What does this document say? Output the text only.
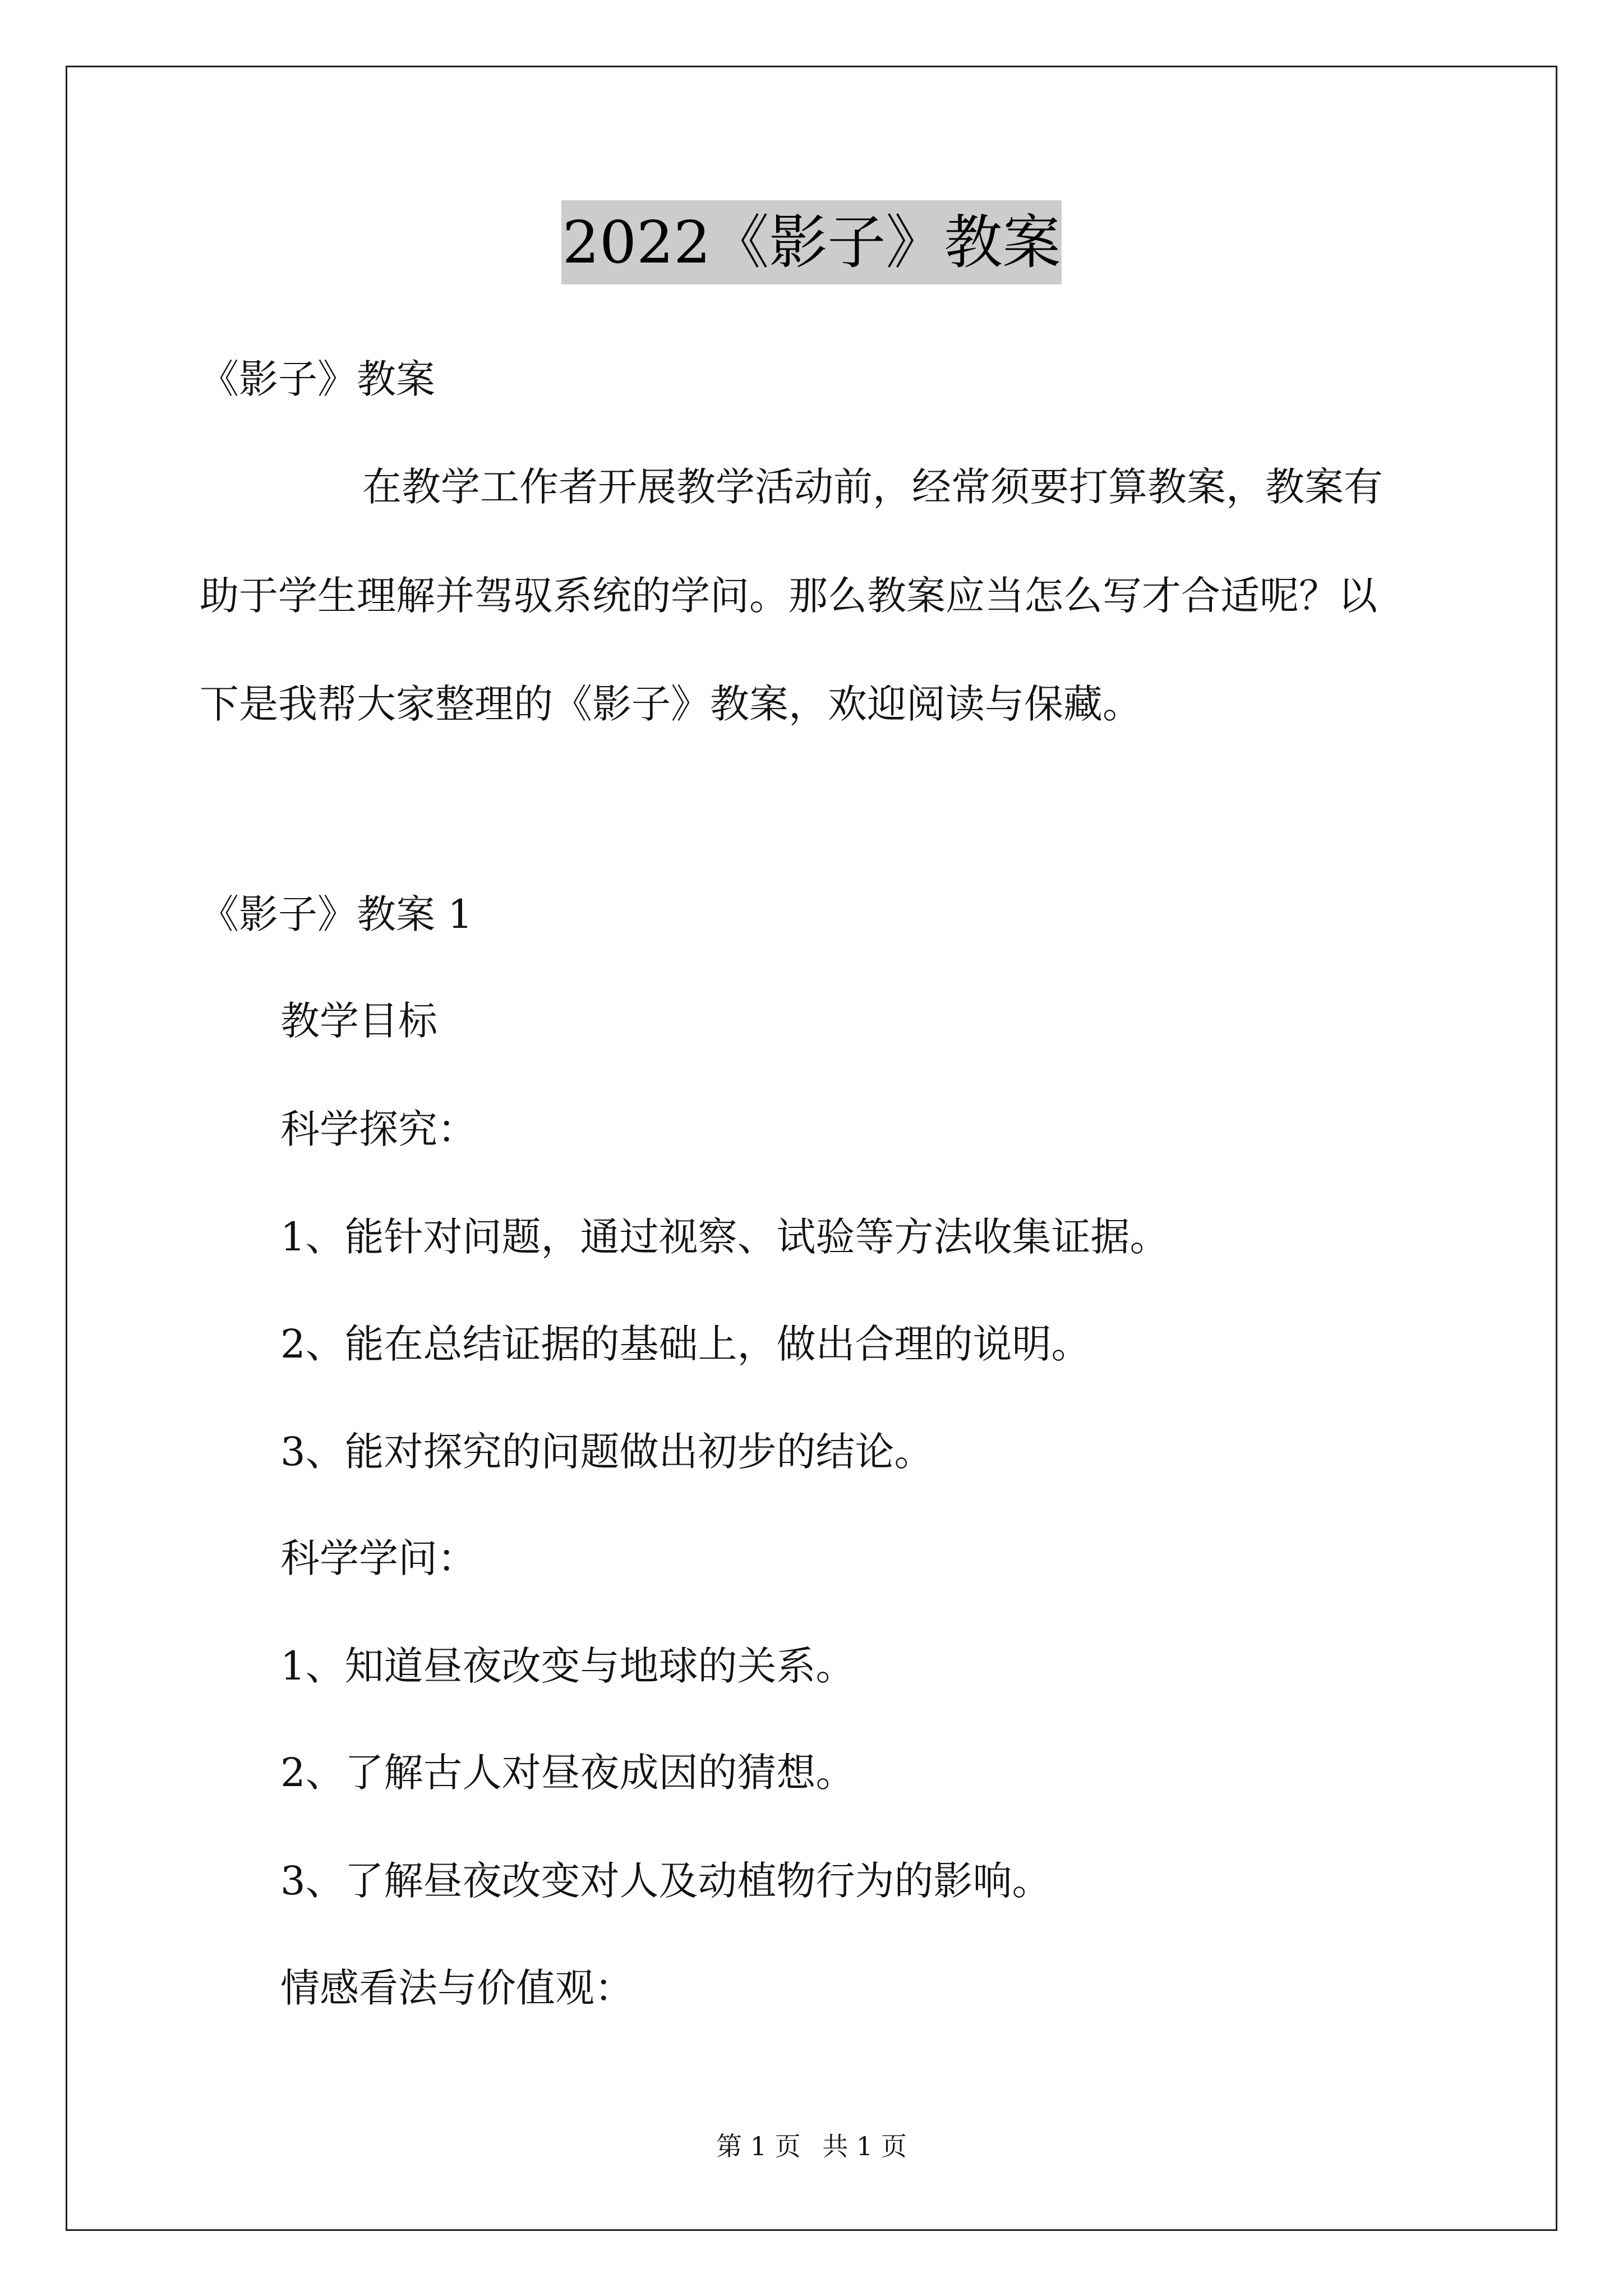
2022《影子》教案
《影子》教案
在教学工作者开展教学活动前，经常须要打算教案，教案有
助于学生理解并驾驭系统的学问。那么教案应当怎么写才合适呢？以
下是我帮大家整理的《影子》教案，欢迎阅读与保藏。
《影子》教案 1
教学目标
科学探究：
1、能针对问题，通过视察、试验等方法收集证据。
2、能在总结证据的基础上，做出合理的说明。
3、能对探究的问题做出初步的结论。
科学学问：
1、知道昼夜改变与地球的关系。
2、了解古人对昼夜成因的猜想。
3、了解昼夜改变对人及动植物行为的影响。
情感看法与价值观：
第 1 页 共 1 页
